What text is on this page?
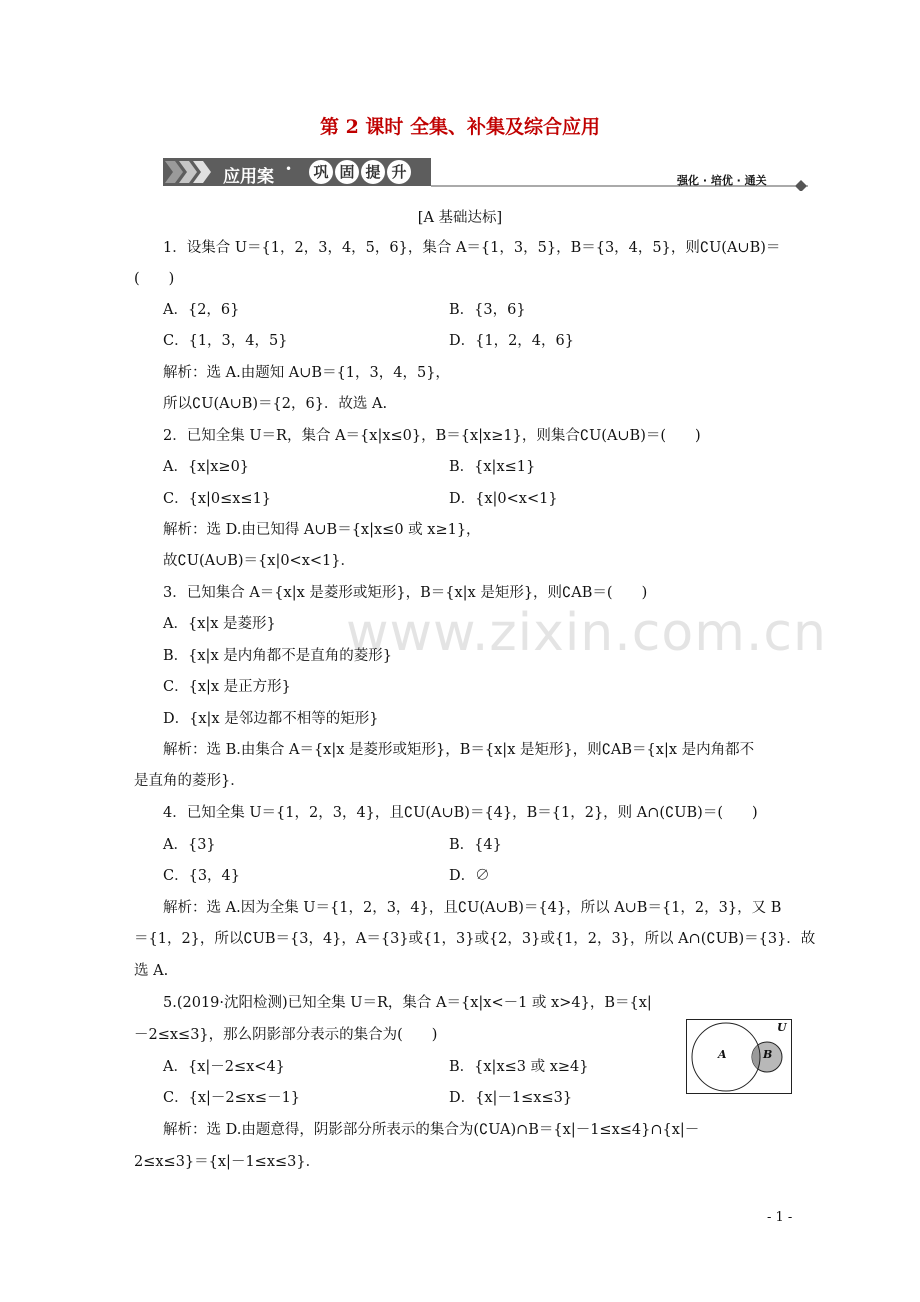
www.zixin.com.cn
第 2 课时 全集、补集及综合应用
应用案 • 巩 固 提 升	强化 · 培优 · 通关
[A 基础达标]
1．设集合 U＝{1，2，3，4，5，6}，集合 A＝{1，3，5}，B＝{3，4，5}，则∁U(A∪B)＝
(　　)
A．{2，6}	B．{3，6}
C．{1，3，4，5}	D．{1，2，4，6}
解析：选 A.由题知 A∪B＝{1，3，4，5}，
所以∁U(A∪B)＝{2，6}．故选 A.
2．已知全集 U＝R，集合 A＝{x|x≤0}，B＝{x|x≥1}，则集合∁U(A∪B)＝(　　)
A．{x|x≥0}	B．{x|x≤1}
C．{x|0≤x≤1}	D．{x|0<x<1}
解析：选 D.由已知得 A∪B＝{x|x≤0 或 x≥1}，
故∁U(A∪B)＝{x|0<x<1}．
3．已知集合 A＝{x|x 是菱形或矩形}，B＝{x|x 是矩形}，则∁AB＝(　　)
A．{x|x 是菱形}
B．{x|x 是内角都不是直角的菱形}
C．{x|x 是正方形}
D．{x|x 是邻边都不相等的矩形}
解析：选 B.由集合 A＝{x|x 是菱形或矩形}，B＝{x|x 是矩形}，则∁AB＝{x|x 是内角都不
是直角的菱形}．
4．已知全集 U＝{1，2，3，4}，且∁U(A∪B)＝{4}，B＝{1，2}，则 A∩(∁UB)＝(　　)
A．{3}	B．{4}
C．{3，4}	D．∅
解析：选 A.因为全集 U＝{1，2，3，4}，且∁U(A∪B)＝{4}，所以 A∪B＝{1，2，3}，又 B
＝{1，2}，所以∁UB＝{3，4}，A＝{3}或{1，3}或{2，3}或{1，2，3}，所以 A∩(∁UB)＝{3}．故
选 A.
5.(2019·沈阳检测)已知全集 U＝R，集合 A＝{x|x<－1 或 x>4}，B＝{x|
－2≤x≤3}，那么阴影部分表示的集合为(　　)
A．{x|－2≤x<4}	B．{x|x≤3 或 x≥4}
C．{x|－2≤x≤－1}	D．{x|－1≤x≤3}
解析：选 D.由题意得，阴影部分所表示的集合为(∁UA)∩B＝{x|－1≤x≤4}∩{x|－
2≤x≤3}＝{x|－1≤x≤3}．
U
A	B
- 1 -
